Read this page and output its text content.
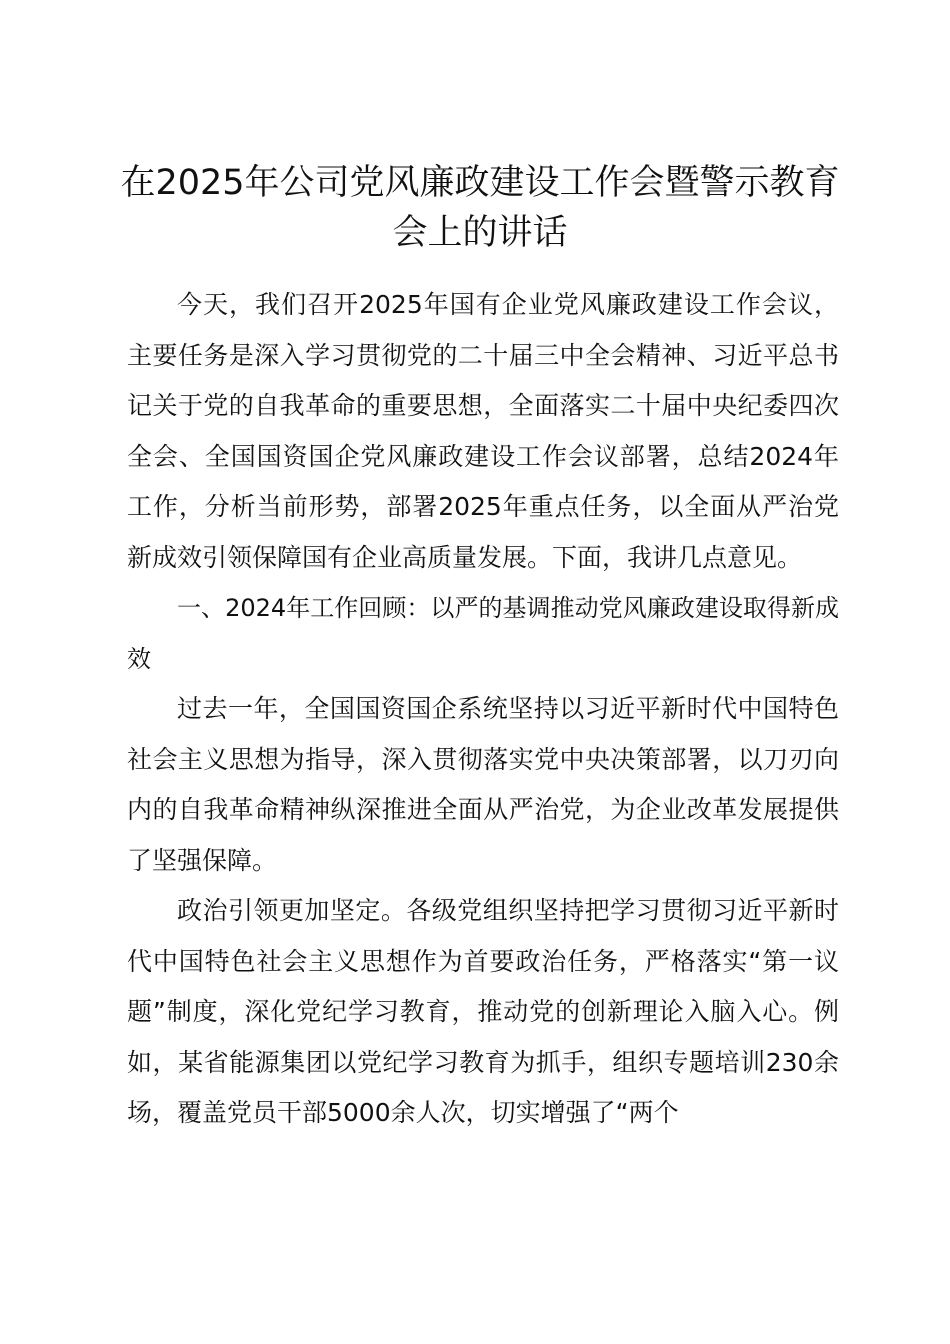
在2025年公司党风廉政建设工作会暨警示教育会上的讲话

今天，我们召开2025年国有企业党风廉政建设工作会议，主要任务是深入学习贯彻党的二十届三中全会精神、习近平总书记关于党的自我革命的重要思想，全面落实二十届中央纪委四次全会、全国国资国企党风廉政建设工作会议部署，总结2024年工作，分析当前形势，部署2025年重点任务，以全面从严治党新成效引领保障国有企业高质量发展。下面，我讲几点意见。

一、2024年工作回顾：以严的基调推动党风廉政建设取得新成效

过去一年，全国国资国企系统坚持以习近平新时代中国特色社会主义思想为指导，深入贯彻落实党中央决策部署，以刀刃向内的自我革命精神纵深推进全面从严治党，为企业改革发展提供了坚强保障。

政治引领更加坚定。各级党组织坚持把学习贯彻习近平新时代中国特色社会主义思想作为首要政治任务，严格落实“第一议题”制度，深化党纪学习教育，推动党的创新理论入脑入心。例如，某省能源集团以党纪学习教育为抓手，组织专题培训230余场，覆盖党员干部5000余人次，切实增强了“两个
